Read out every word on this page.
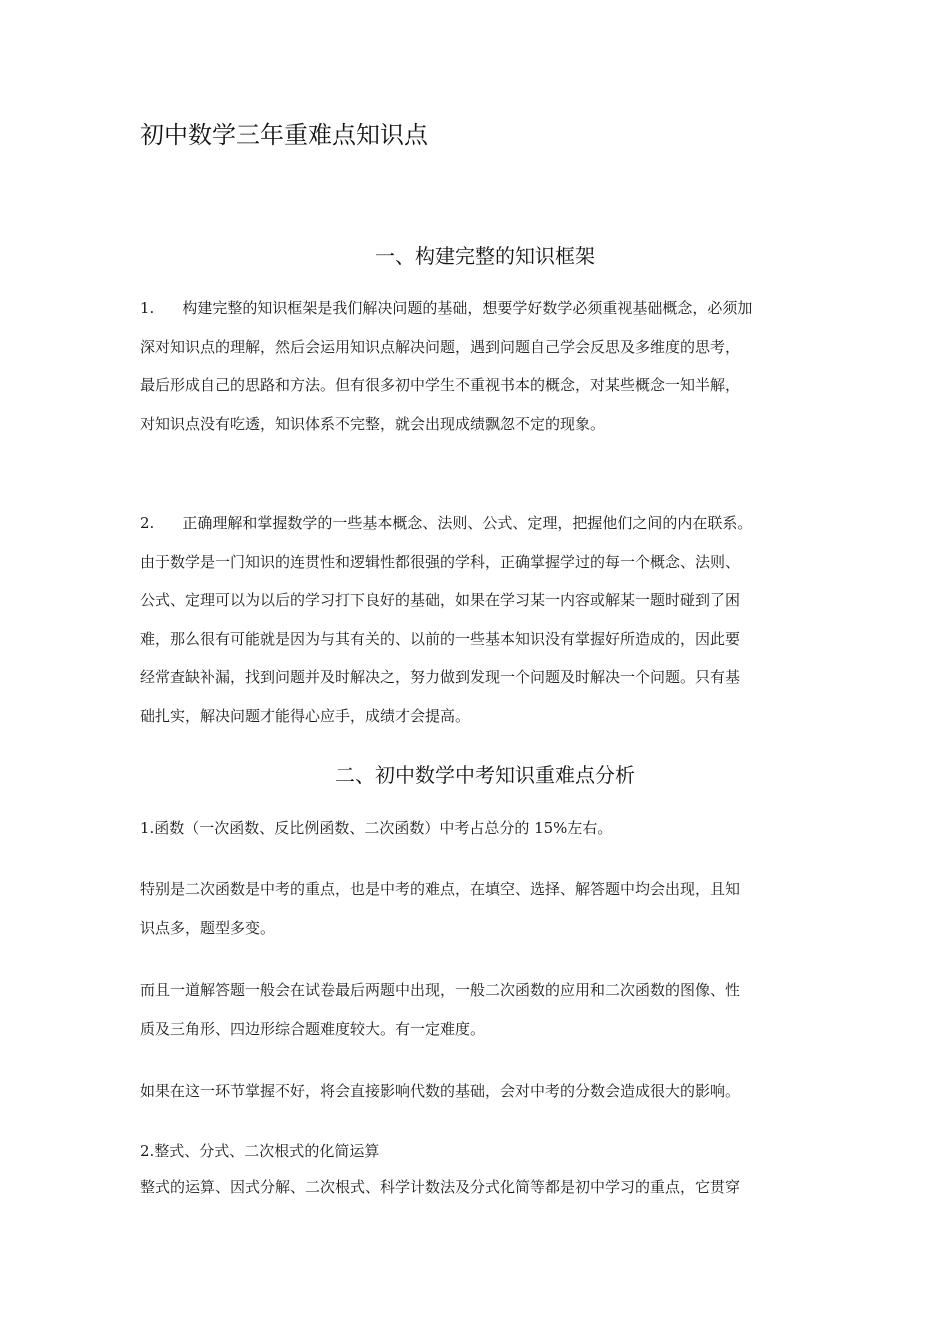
初中数学三年重难点知识点
一、构建完整的知识框架
1. 构建完整的知识框架是我们解决问题的基础，想要学好数学必须重视基础概念，必须加
深对知识点的理解，然后会运用知识点解决问题，遇到问题自己学会反思及多维度的思考，
最后形成自己的思路和方法。但有很多初中学生不重视书本的概念，对某些概念一知半解，
对知识点没有吃透，知识体系不完整，就会出现成绩飘忽不定的现象。
2. 正确理解和掌握数学的一些基本概念、法则、公式、定理，把握他们之间的内在联系。
由于数学是一门知识的连贯性和逻辑性都很强的学科，正确掌握学过的每一个概念、法则、
公式、定理可以为以后的学习打下良好的基础，如果在学习某一内容或解某一题时碰到了困
难，那么很有可能就是因为与其有关的、以前的一些基本知识没有掌握好所造成的，因此要
经常查缺补漏，找到问题并及时解决之，努力做到发现一个问题及时解决一个问题。只有基
础扎实，解决问题才能得心应手，成绩才会提高。
二、初中数学中考知识重难点分析
1.函数（一次函数、反比例函数、二次函数）中考占总分的 15%左右。
特别是二次函数是中考的重点，也是中考的难点，在填空、选择、解答题中均会出现，且知
识点多，题型多变。
而且一道解答题一般会在试卷最后两题中出现，一般二次函数的应用和二次函数的图像、性
质及三角形、四边形综合题难度较大。有一定难度。
如果在这一环节掌握不好，将会直接影响代数的基础，会对中考的分数会造成很大的影响。
2.整式、分式、二次根式的化简运算
整式的运算、因式分解、二次根式、科学计数法及分式化简等都是初中学习的重点，它贯穿
